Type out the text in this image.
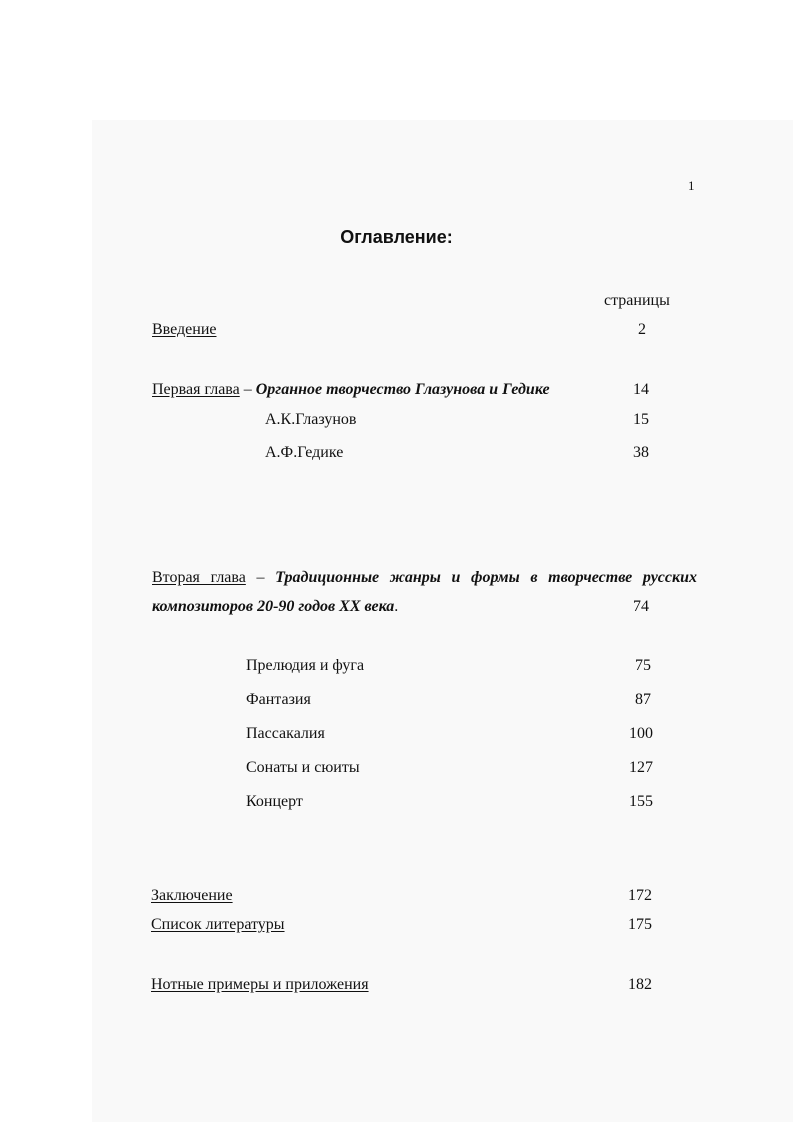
1
Оглавление:
страницы
Введение	2
Первая глава – Органное творчество Глазунова и Гедике	14
А.К.Глазунов	15
А.Ф.Гедике	38
Вторая глава – Традиционные жанры и формы в творчестве русских
композиторов 20-90 годов XX века.	74
Прелюдия и фуга	75
Фантазия	87
Пассакалия	100
Сонаты и сюиты	127
Концерт	155
Заключение	172
Список литературы	175
Нотные примеры и приложения	182
